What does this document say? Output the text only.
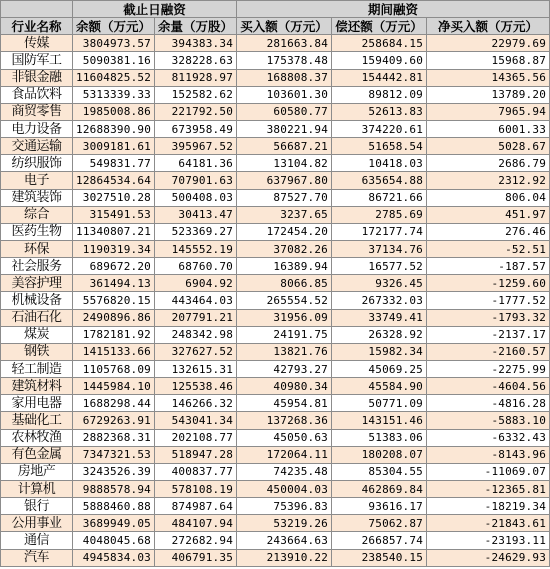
	截止日融资		期间融资		
行业名称	余额（万元）	余量（万股）	买入额（万元）	偿还额（万元）	净买入额（万元）
传媒	3804973.57	394383.34	281663.84	258684.15	22979.69
国防军工	5090381.16	328228.63	175378.48	159409.60	15968.87
非银金融	11604825.52	811928.97	168808.37	154442.81	14365.56
食品饮料	5313339.33	152582.62	103601.30	89812.09	13789.20
商贸零售	1985008.86	221792.50	60580.77	52613.83	7965.94
电力设备	12688390.90	673958.49	380221.94	374220.61	6001.33
交通运输	3009181.61	395967.52	56687.21	51658.54	5028.67
纺织服饰	549831.77	64181.36	13104.82	10418.03	2686.79
电子	12864534.64	707901.63	637967.80	635654.88	2312.92
建筑装饰	3027510.28	500408.03	87527.70	86721.66	806.04
综合	315491.53	30413.47	3237.65	2785.69	451.97
医药生物	11340807.21	523369.27	172454.20	172177.74	276.46
环保	1190319.34	145552.19	37082.26	37134.76	-52.51
社会服务	689672.20	68760.70	16389.94	16577.52	-187.57
美容护理	361494.13	6904.92	8066.85	9326.45	-1259.60
机械设备	5576820.15	443464.03	265554.52	267332.03	-1777.52
石油石化	2490896.86	207791.21	31956.09	33749.41	-1793.32
煤炭	1782181.92	248342.98	24191.75	26328.92	-2137.17
钢铁	1415133.66	327627.52	13821.76	15982.34	-2160.57
轻工制造	1105768.09	132615.31	42793.27	45069.25	-2275.99
建筑材料	1445984.10	125538.46	40980.34	45584.90	-4604.56
家用电器	1688298.44	146266.32	45954.81	50771.09	-4816.28
基础化工	6729263.91	543041.34	137268.36	143151.46	-5883.10
农林牧渔	2882368.31	202108.77	45050.63	51383.06	-6332.43
有色金属	7347321.53	518947.28	172064.11	180208.07	-8143.96
房地产	3243526.39	400837.77	74235.48	85304.55	-11069.07
计算机	9888578.94	578108.19	450004.03	462869.84	-12365.81
银行	5888460.88	874987.64	75396.83	93616.17	-18219.34
公用事业	3689949.05	484107.94	53219.26	75062.87	-21843.61
通信	4048045.68	272682.94	243664.63	266857.74	-23193.11
汽车	4945834.03	406791.35	213910.22	238540.15	-24629.93
